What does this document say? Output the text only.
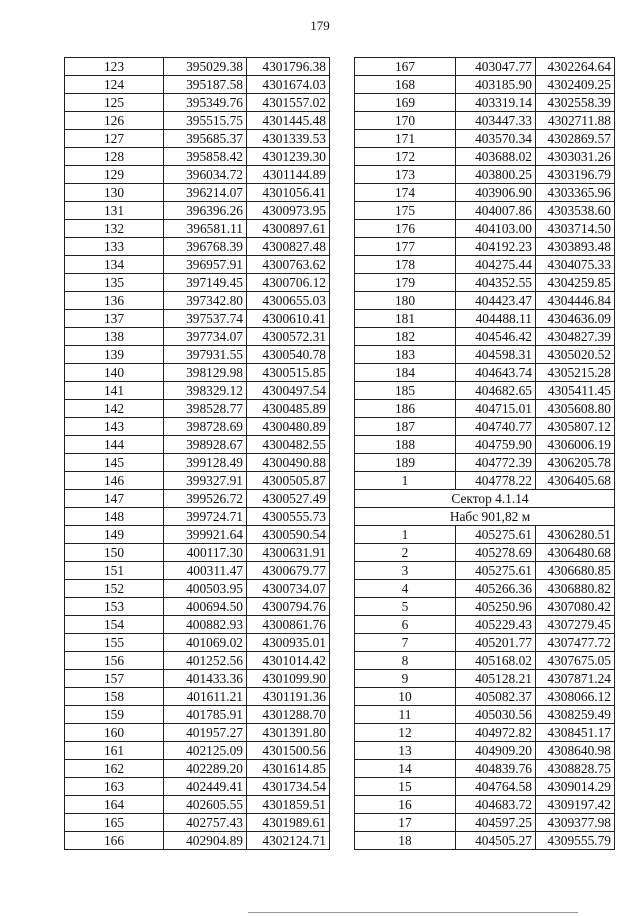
179
123	395029.38	4301796.38
124	395187.58	4301674.03
125	395349.76	4301557.02
126	395515.75	4301445.48
127	395685.37	4301339.53
128	395858.42	4301239.30
129	396034.72	4301144.89
130	396214.07	4301056.41
131	396396.26	4300973.95
132	396581.11	4300897.61
133	396768.39	4300827.48
134	396957.91	4300763.62
135	397149.45	4300706.12
136	397342.80	4300655.03
137	397537.74	4300610.41
138	397734.07	4300572.31
139	397931.55	4300540.78
140	398129.98	4300515.85
141	398329.12	4300497.54
142	398528.77	4300485.89
143	398728.69	4300480.89
144	398928.67	4300482.55
145	399128.49	4300490.88
146	399327.91	4300505.87
147	399526.72	4300527.49
148	399724.71	4300555.73
149	399921.64	4300590.54
150	400117.30	4300631.91
151	400311.47	4300679.77
152	400503.95	4300734.07
153	400694.50	4300794.76
154	400882.93	4300861.76
155	401069.02	4300935.01
156	401252.56	4301014.42
157	401433.36	4301099.90
158	401611.21	4301191.36
159	401785.91	4301288.70
160	401957.27	4301391.80
161	402125.09	4301500.56
162	402289.20	4301614.85
163	402449.41	4301734.54
164	402605.55	4301859.51
165	402757.43	4301989.61
166	402904.89	4302124.71
167	403047.77	4302264.64
168	403185.90	4302409.25
169	403319.14	4302558.39
170	403447.33	4302711.88
171	403570.34	4302869.57
172	403688.02	4303031.26
173	403800.25	4303196.79
174	403906.90	4303365.96
175	404007.86	4303538.60
176	404103.00	4303714.50
177	404192.23	4303893.48
178	404275.44	4304075.33
179	404352.55	4304259.85
180	404423.47	4304446.84
181	404488.11	4304636.09
182	404546.42	4304827.39
183	404598.31	4305020.52
184	404643.74	4305215.28
185	404682.65	4305411.45
186	404715.01	4305608.80
187	404740.77	4305807.12
188	404759.90	4306006.19
189	404772.39	4306205.78
1	404778.22	4306405.68
Сектор 4.1.14		
Набс 901,82 м		
1	405275.61	4306280.51
2	405278.69	4306480.68
3	405275.61	4306680.85
4	405266.36	4306880.82
5	405250.96	4307080.42
6	405229.43	4307279.45
7	405201.77	4307477.72
8	405168.02	4307675.05
9	405128.21	4307871.24
10	405082.37	4308066.12
11	405030.56	4308259.49
12	404972.82	4308451.17
13	404909.20	4308640.98
14	404839.76	4308828.75
15	404764.58	4309014.29
16	404683.72	4309197.42
17	404597.25	4309377.98
18	404505.27	4309555.79
